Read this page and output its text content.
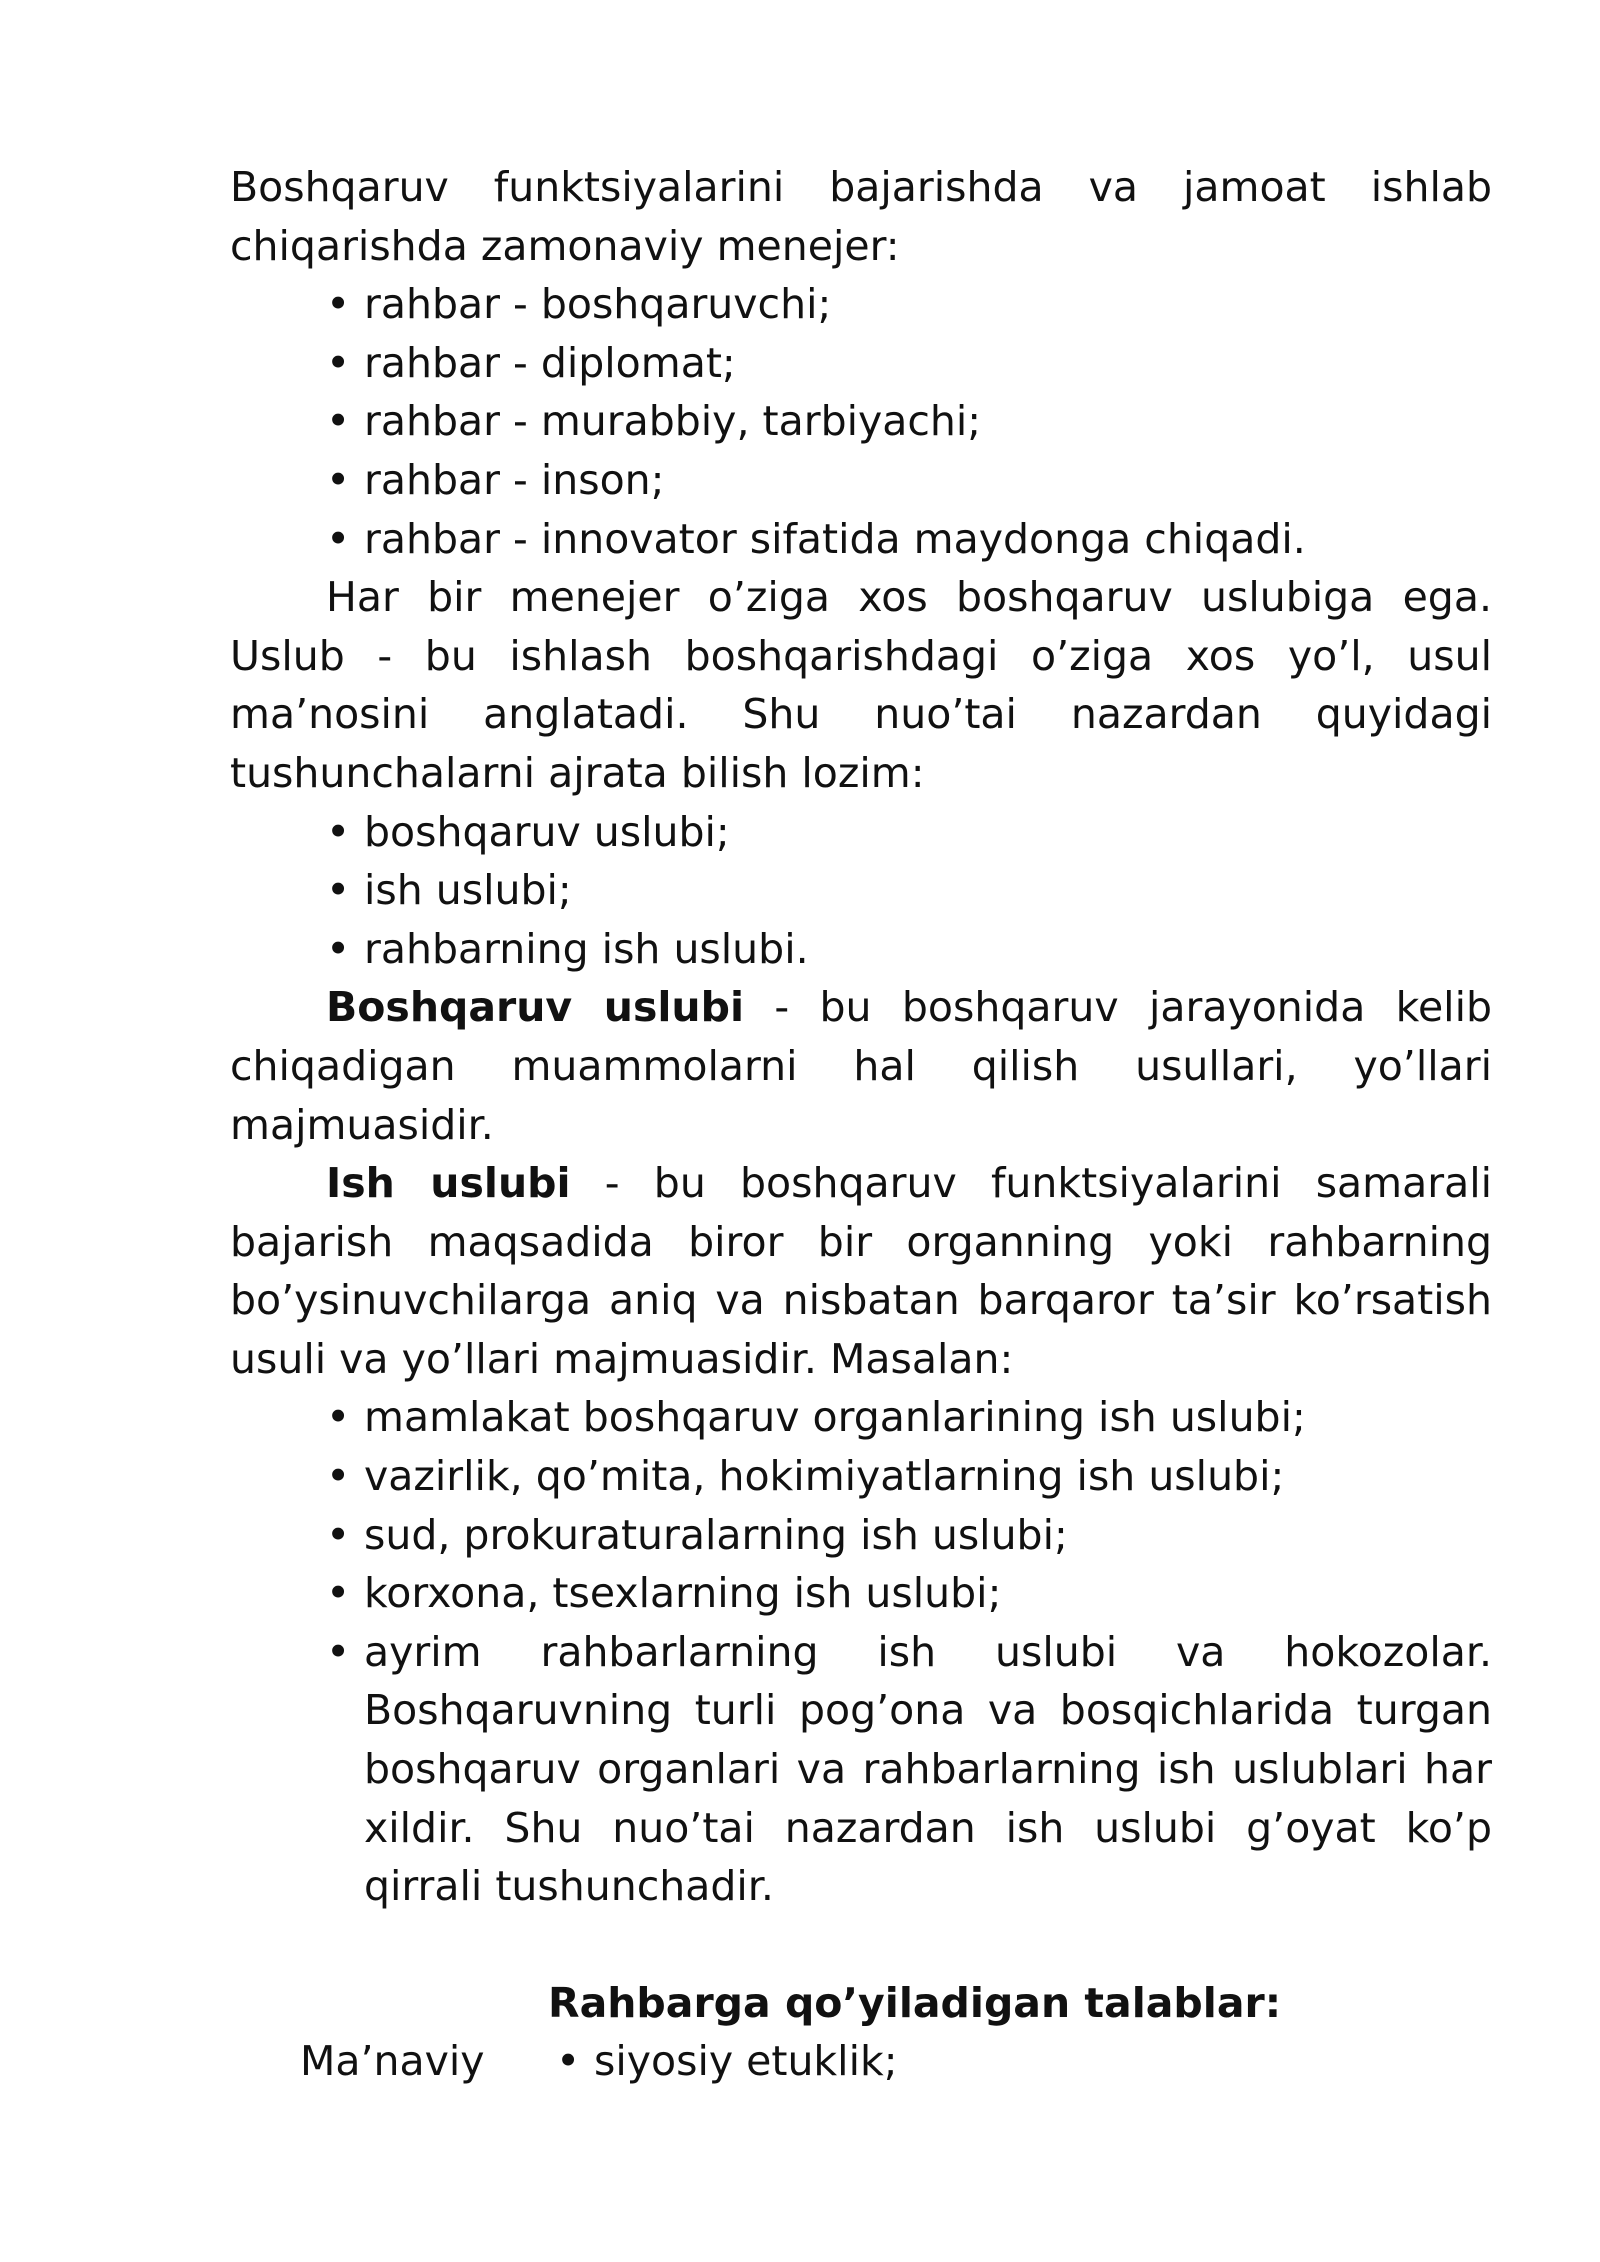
Boshqaruv funktsiyalarini bajarishda va jamoat ishlab chiqarishda zamonaviy menejer:

• rahbar - boshqaruvchi;
• rahbar - diplomat;
• rahbar - murabbiy, tarbiyachi;
• rahbar - inson;
• rahbar - innovator sifatida maydonga chiqadi.

Har bir menejer o’ziga xos boshqaruv uslubiga ega. Uslub - bu ishlash boshqarishdagi o’ziga xos yo’l, usul ma’nosini anglatadi. Shu nuo’tai nazardan quyidagi tushunchalarni ajrata bilish lozim:

• boshqaruv uslubi;
• ish uslubi;
• rahbarning ish uslubi.

Boshqaruv uslubi - bu boshqaruv jarayonida kelib chiqadigan muammolarni hal qilish usullari, yo’llari majmuasidir.

Ish uslubi - bu boshqaruv funktsiyalarini samarali bajarish maqsadida biror bir organning yoki rahbarning bo’ysinuvchilarga aniq va nisbatan barqaror ta’sir ko’rsatish usuli va yo’llari majmuasidir. Masalan:

• mamlakat boshqaruv organlarining ish uslubi;
• vazirlik, qo’mita, hokimiyatlarning ish uslubi;
• sud, prokuraturalarning ish uslubi;
• korxona, tsexlarning ish uslubi;
• ayrim rahbarlarning ish uslubi va hokozolar. Boshqaruvning turli pog’ona va bosqichlarida turgan boshqaruv organlari va rahbarlarning ish uslublari har xildir. Shu nuo’tai nazardan ish uslubi g’oyat ko’p qirrali tushunchadir.

Rahbarga qo’yiladigan talablar:

Ma’naviy	• siyosiy etuklik;
